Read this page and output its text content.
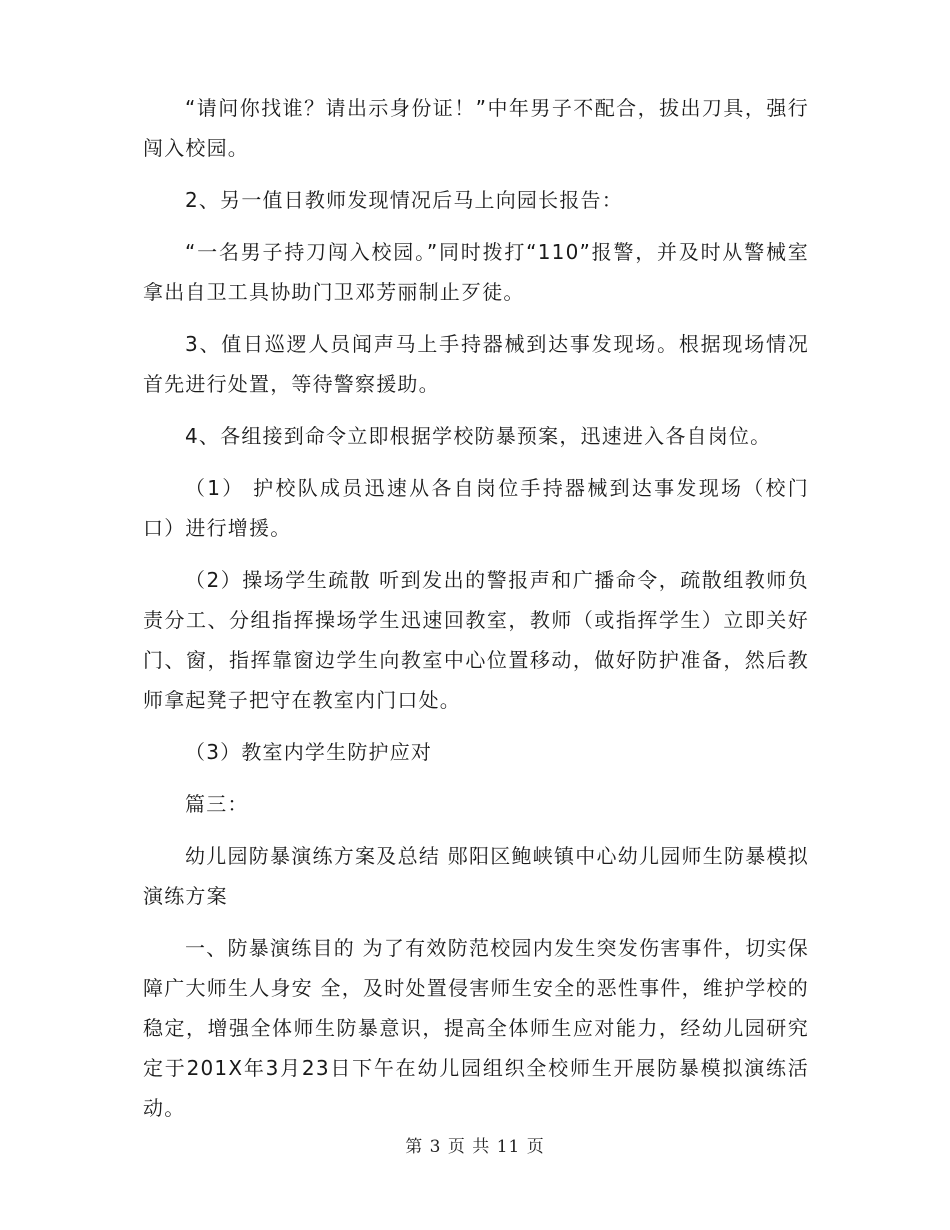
“请问你找谁？请出示身份证！”中年男子不配合，拔出刀具，强行闯入校园。

2、另一值日教师发现情况后马上向园长报告：

“一名男子持刀闯入校园。”同时拨打“110”报警，并及时从警械室拿出自卫工具协助门卫邓芳丽制止歹徒。

3、值日巡逻人员闻声马上手持器械到达事发现场。根据现场情况首先进行处置，等待警察援助。

4、各组接到命令立即根据学校防暴预案，迅速进入各自岗位。

（1） 护校队成员迅速从各自岗位手持器械到达事发现场（校门口）进行增援。

（2）操场学生疏散 听到发出的警报声和广播命令，疏散组教师负责分工、分组指挥操场学生迅速回教室，教师（或指挥学生）立即关好门、窗，指挥靠窗边学生向教室中心位置移动，做好防护准备，然后教师拿起凳子把守在教室内门口处。

（3）教室内学生防护应对

篇三：

幼儿园防暴演练方案及总结 郧阳区鲍峡镇中心幼儿园师生防暴模拟演练方案

一、防暴演练目的 为了有效防范校园内发生突发伤害事件，切实保障广大师生人身安 全，及时处置侵害师生安全的恶性事件，维护学校的稳定，增强全体师生防暴意识，提高全体师生应对能力，经幼儿园研究定于201X年3月23日下午在幼儿园组织全校师生开展防暴模拟演练活动。

第 3 页 共 11 页
